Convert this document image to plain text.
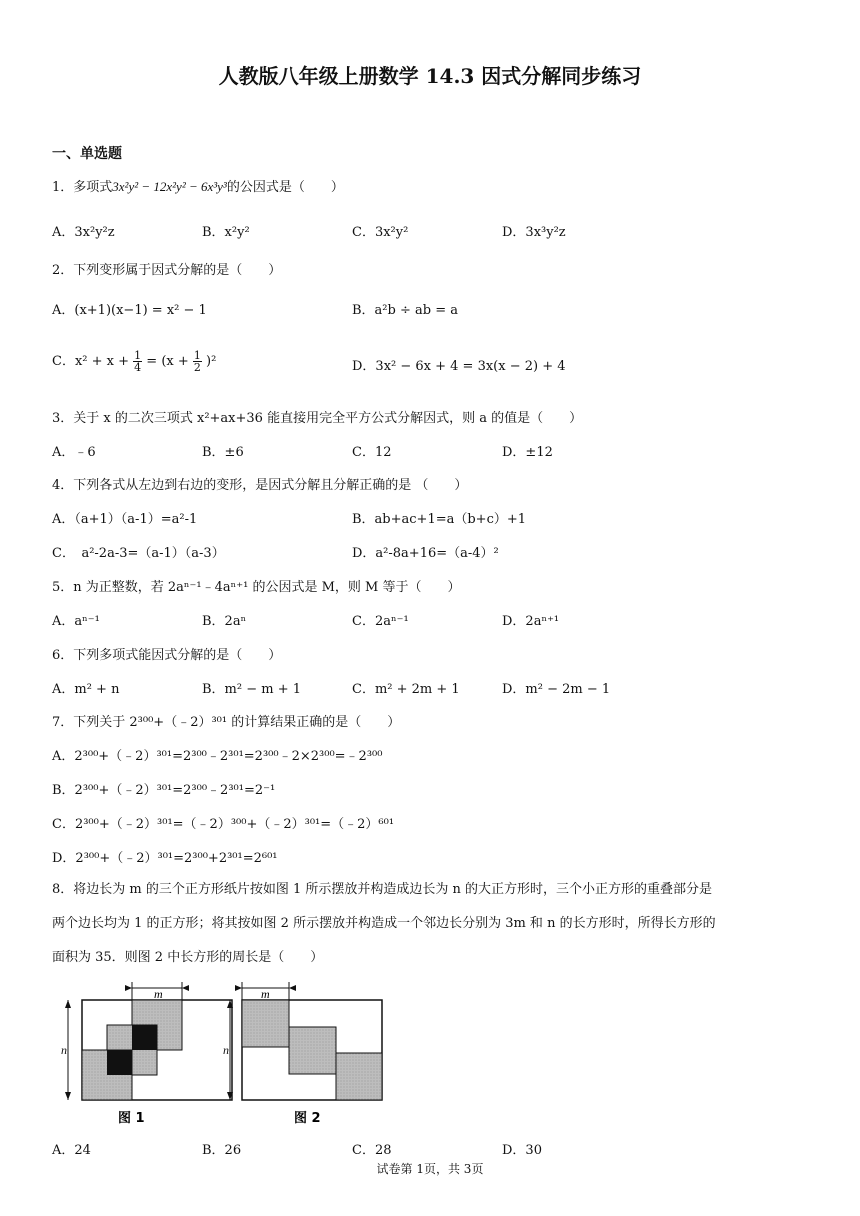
人教版八年级上册数学 14.3 因式分解同步练习
一、单选题
1．多项式3x²y² − 12x²y² − 6x³y³的公因式是（　　）
A．3x²y²z	B．x²y²	C．3x²y²	D．3x³y²z
2．下列变形属于因式分解的是（　　）
A．(x+1)(x−1) = x² − 1	B．a²b ÷ ab = a
C．$x^2 + x + \frac{1}{4} = (x + \frac{1}{2} )^2$	D．3x² − 6x + 4 = 3x(x − 2) + 4
3．关于 x 的二次三项式 x²+ax+36 能直接用完全平方公式分解因式，则 a 的值是（　　）
A．﹣6	B．±6	C．12	D．±12
4．下列各式从左边到右边的变形，是因式分解且分解正确的是 （　　）
A．（a+1）（a-1）=a²-1	B．ab+ac+1=a（b+c）+1
C．　a²-2a-3=（a-1）（a-3）	D．a²-8a+16=（a-4）²
5．n 为正整数，若 2aⁿ⁻¹﹣4aⁿ⁺¹ 的公因式是 M，则 M 等于（　　）
A．aⁿ⁻¹	B．2aⁿ	C．2aⁿ⁻¹	D．2aⁿ⁺¹
6．下列多项式能因式分解的是（　　）
A．m² + n	B．m² − m + 1	C．m² + 2m + 1	D．m² − 2m − 1
7．下列关于 2³⁰⁰+（﹣2）³⁰¹ 的计算结果正确的是（　　）
A．2³⁰⁰+（﹣2）³⁰¹=2³⁰⁰﹣2³⁰¹=2³⁰⁰﹣2×2³⁰⁰=﹣2³⁰⁰
B．2³⁰⁰+（﹣2）³⁰¹=2³⁰⁰﹣2³⁰¹=2⁻¹
C．2³⁰⁰+（﹣2）³⁰¹=（﹣2）³⁰⁰+（﹣2）³⁰¹=（﹣2）⁶⁰¹
D．2³⁰⁰+（﹣2）³⁰¹=2³⁰⁰+2³⁰¹=2⁶⁰¹
8．将边长为 m 的三个正方形纸片按如图 1 所示摆放并构造成边长为 n 的大正方形时，三个小正方形的重叠部分是
两个边长均为 1 的正方形；将其按如图 2 所示摆放并构造成一个邻边长分别为 3m 和 n 的长方形时，所得长方形的
面积为 35．则图 2 中长方形的周长是（　　）
m
n
图 1
m
n
图 2
A．24	B．26	C．28	D．30
试卷第 1页，共 3页
